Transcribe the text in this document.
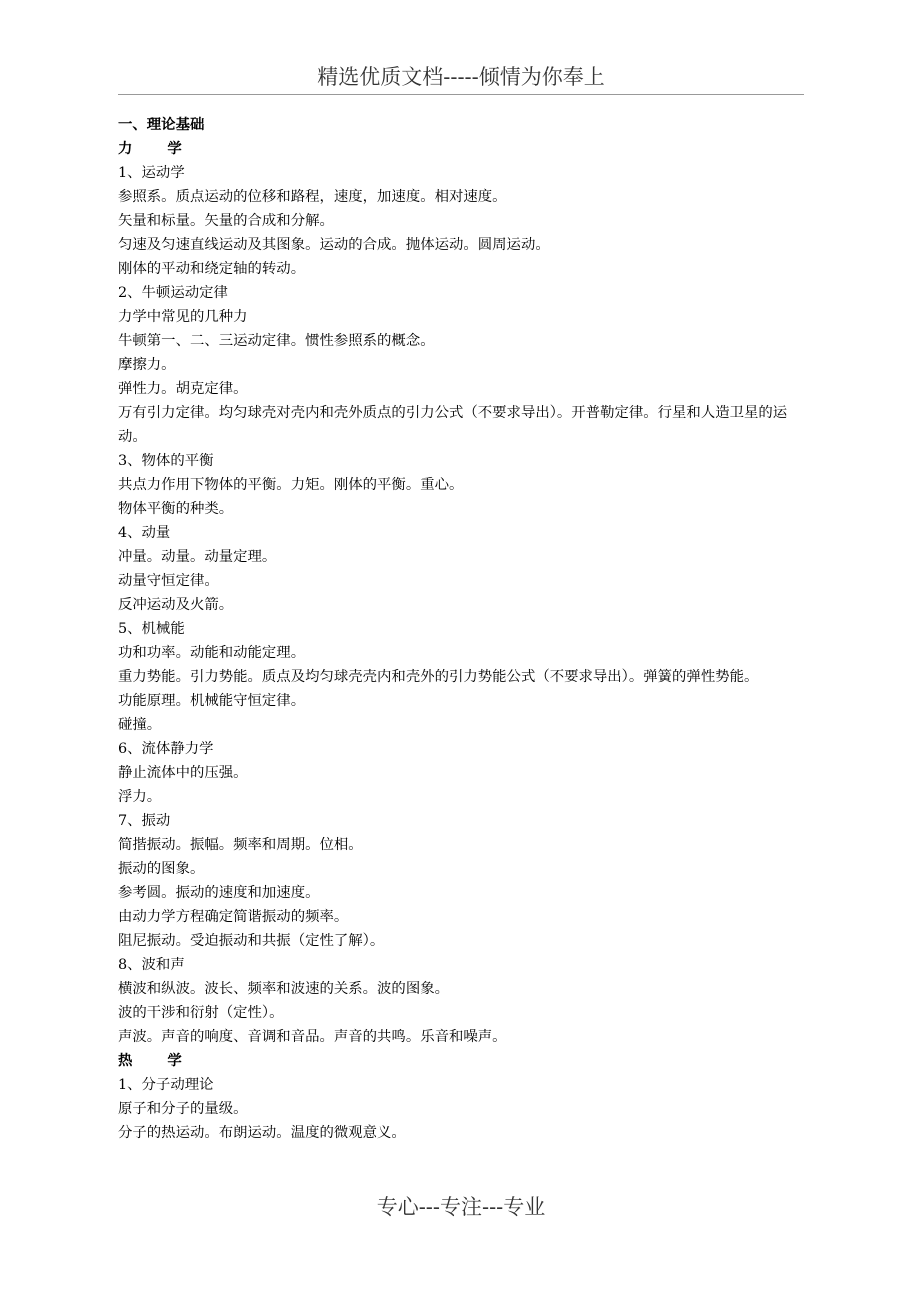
精选优质文档-----倾情为你奉上
一、理论基础
力 学
1、运动学
参照系。质点运动的位移和路程，速度，加速度。相对速度。
矢量和标量。矢量的合成和分解。
匀速及匀速直线运动及其图象。运动的合成。抛体运动。圆周运动。
刚体的平动和绕定轴的转动。
2、牛顿运动定律
力学中常见的几种力
牛顿第一、二、三运动定律。惯性参照系的概念。
摩擦力。
弹性力。胡克定律。
万有引力定律。均匀球壳对壳内和壳外质点的引力公式（不要求导出）。开普勒定律。行星和人造卫星的运动。
3、物体的平衡
共点力作用下物体的平衡。力矩。刚体的平衡。重心。
物体平衡的种类。
4、动量
冲量。动量。动量定理。
动量守恒定律。
反冲运动及火箭。
5、机械能
功和功率。动能和动能定理。
重力势能。引力势能。质点及均匀球壳壳内和壳外的引力势能公式（不要求导出）。弹簧的弹性势能。
功能原理。机械能守恒定律。
碰撞。
6、流体静力学
静止流体中的压强。
浮力。
7、振动
简揩振动。振幅。频率和周期。位相。
振动的图象。
参考圆。振动的速度和加速度。
由动力学方程确定简谐振动的频率。
阻尼振动。受迫振动和共振（定性了解）。
8、波和声
横波和纵波。波长、频率和波速的关系。波的图象。
波的干涉和衍射（定性）。
声波。声音的响度、音调和音品。声音的共鸣。乐音和噪声。
热 学
1、分子动理论
原子和分子的量级。
分子的热运动。布朗运动。温度的微观意义。
专心---专注---专业
